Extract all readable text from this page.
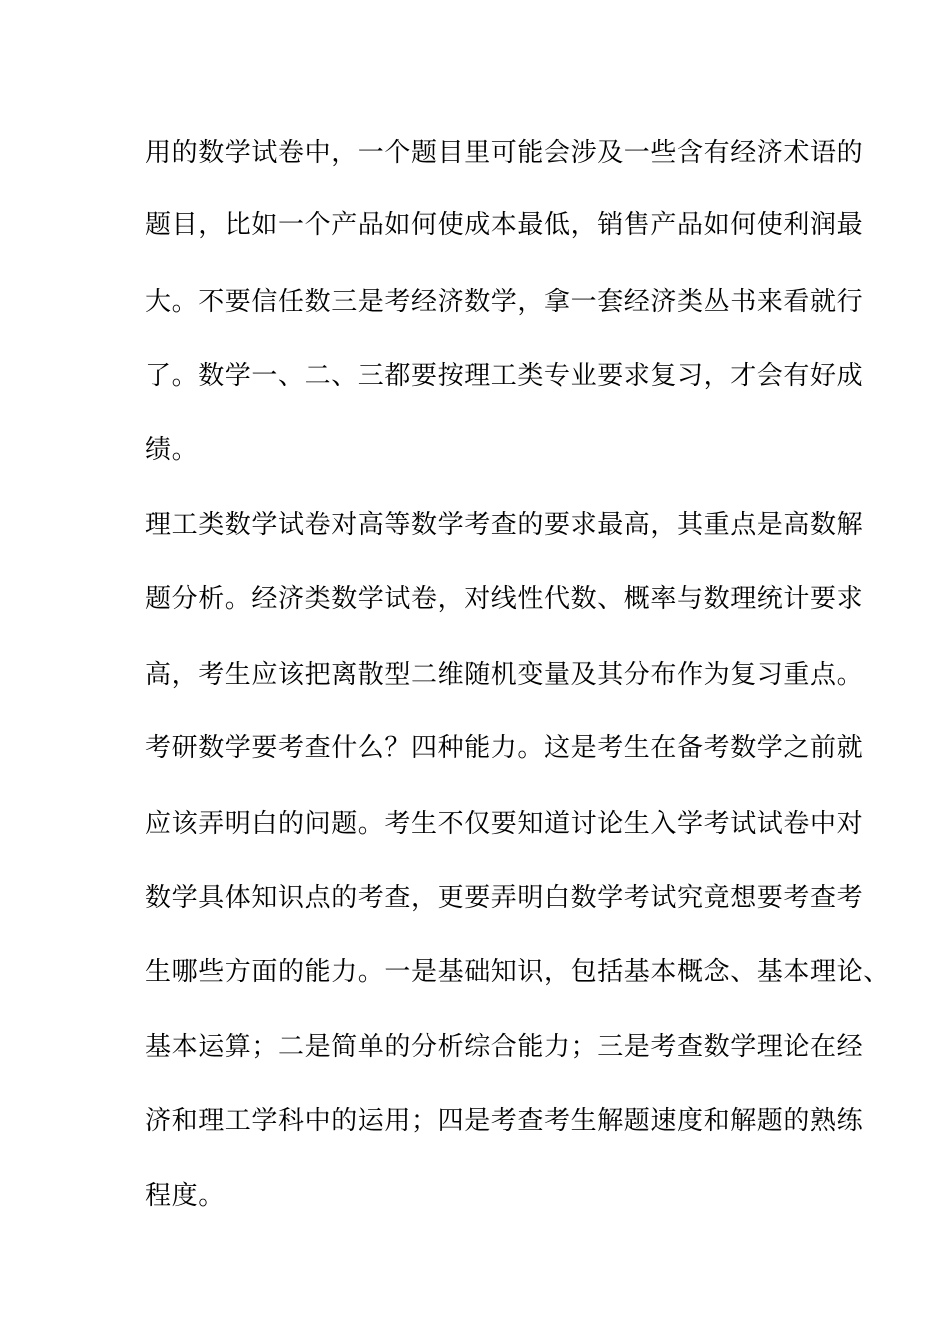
用的数学试卷中，一个题目里可能会涉及一些含有经济术语的
题目，比如一个产品如何使成本最低，销售产品如何使利润最
大。不要信任数三是考经济数学，拿一套经济类丛书来看就行
了。数学一、二、三都要按理工类专业要求复习，才会有好成
绩。
理工类数学试卷对高等数学考查的要求最高，其重点是高数解
题分析。经济类数学试卷，对线性代数、概率与数理统计要求
高，考生应该把离散型二维随机变量及其分布作为复习重点。
考研数学要考查什么？四种能力。这是考生在备考数学之前就
应该弄明白的问题。考生不仅要知道讨论生入学考试试卷中对
数学具体知识点的考查，更要弄明白数学考试究竟想要考查考
生哪些方面的能力。一是基础知识，包括基本概念、基本理论、
基本运算；二是简单的分析综合能力；三是考查数学理论在经
济和理工学科中的运用；四是考查考生解题速度和解题的熟练
程度。
